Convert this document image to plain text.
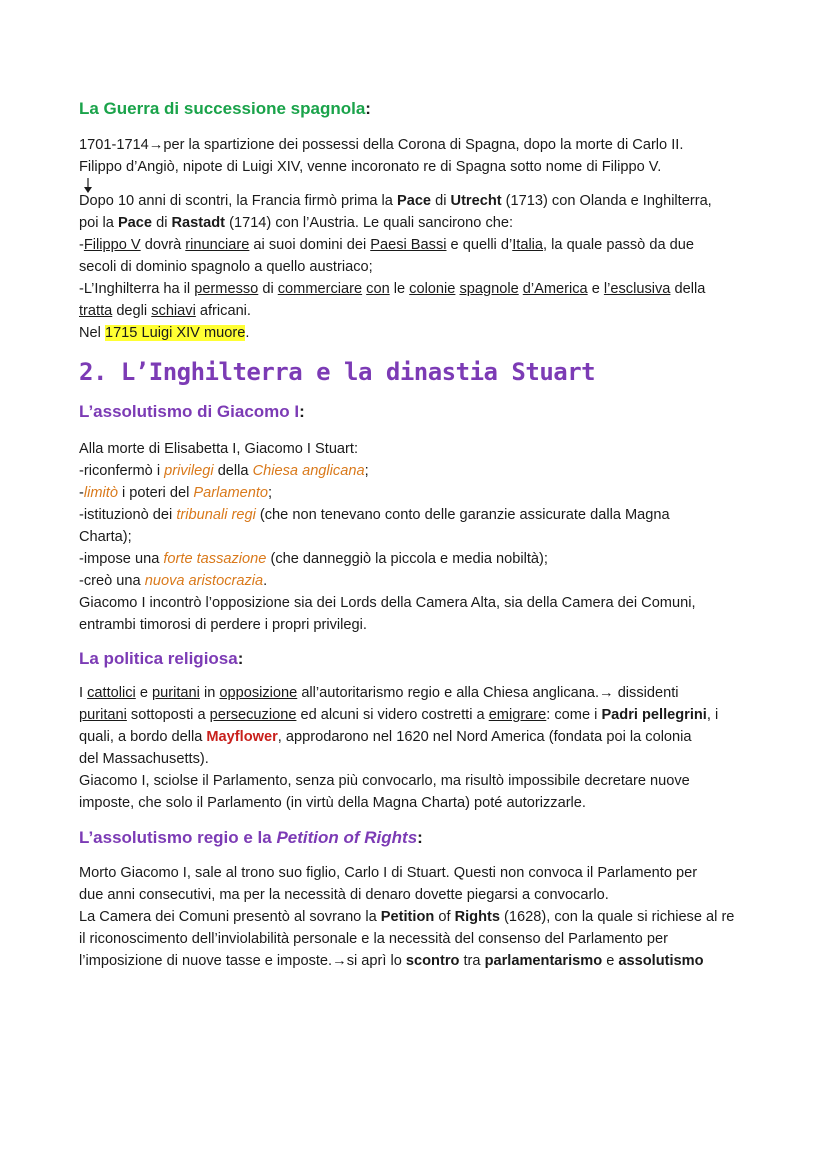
La Guerra di successione spagnola:

1701-1714→per la spartizione dei possessi della Corona di Spagna, dopo la morte di Carlo II.

Filippo d’Angiò, nipote di Luigi XIV, venne incoronato re di Spagna sotto nome di Filippo V.

Dopo 10 anni di scontri, la Francia firmò prima la Pace di Utrecht (1713) con Olanda e Inghilterra,

poi la Pace di Rastadt (1714) con l’Austria. Le quali sancirono che:

-Filippo V dovrà rinunciare ai suoi domini dei Paesi Bassi e quelli d’Italia, la quale passò da due

secoli di dominio spagnolo a quello austriaco;

-L’Inghilterra ha il permesso di commerciare con le colonie spagnole d’America e l’esclusiva della

tratta degli schiavi africani.

Nel 1715 Luigi XIV muore.

2. L’Inghilterra e la dinastia Stuart
L’assolutismo di Giacomo I:

Alla morte di Elisabetta I, Giacomo I Stuart:

-riconfermò i privilegi della Chiesa anglicana;

-limitò i poteri del Parlamento;

-istituzionò dei tribunali regi (che non tenevano conto delle garanzie assicurate dalla Magna

Charta);

-impose una forte tassazione (che danneggiò la piccola e media nobiltà);

-creò una nuova aristocrazia.

Giacomo I incontrò l’opposizione sia dei Lords della Camera Alta, sia della Camera dei Comuni,

entrambi timorosi di perdere i propri privilegi.

La politica religiosa:

I cattolici e puritani in opposizione all’autoritarismo regio e alla Chiesa anglicana.→ dissidenti

puritani sottoposti a persecuzione ed alcuni si videro costretti a emigrare: come i Padri pellegrini, i

quali, a bordo della Mayflower, approdarono nel 1620 nel Nord America (fondata poi la colonia

del Massachusetts).

Giacomo I, sciolse il Parlamento, senza più convocarlo, ma risultò impossibile decretare nuove

imposte, che solo il Parlamento (in virtù della Magna Charta) poté autorizzarle.

L’assolutismo regio e la Petition of Rights:

Morto Giacomo I, sale al trono suo figlio, Carlo I di Stuart. Questi non convoca il Parlamento per

due anni consecutivi, ma per la necessità di denaro dovette piegarsi a convocarlo.

La Camera dei Comuni presentò al sovrano la Petition of Rights (1628), con la quale si richiese al re

il riconoscimento dell’inviolabilità personale e la necessità del consenso del Parlamento per

l’imposizione di nuove tasse e imposte.→si aprì lo scontro tra parlamentarismo e assolutismo
